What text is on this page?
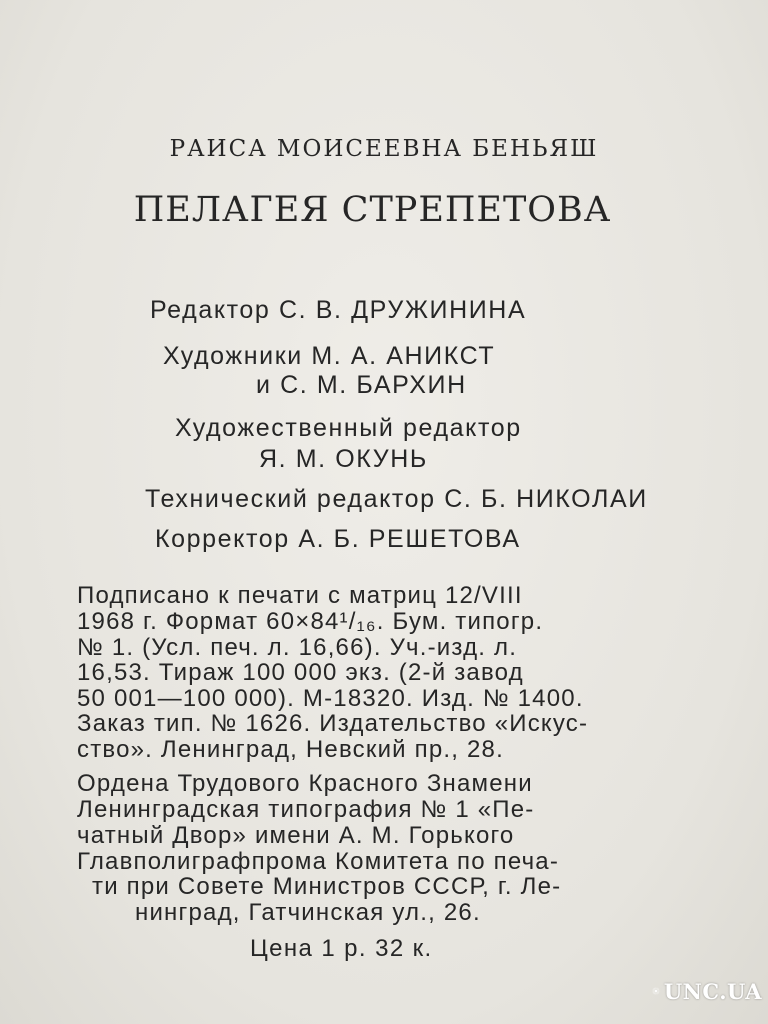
РАИСА МОИСЕЕВНА БЕНЬЯШ
ПЕЛАГЕЯ СТРЕПЕТОВА
Редактор С. В. ДРУЖИНИНА
Художники М. А. АНИКСТ
и С. М. БАРХИН
Художественный редактор
Я. М. ОКУНЬ
Технический редактор С. Б. НИКОЛАИ
Корректор А. Б. РЕШЕТОВА
Подписано к печати с матриц 12/VIII
1968 г. Формат 60×84¹/₁₆. Бум. типогр.
№ 1. (Усл. печ. л. 16,66). Уч.-изд. л.
16,53. Тираж 100 000 экз. (2-й завод
50 001—100 000). М-18320. Изд. № 1400.
Заказ тип. № 1626. Издательство «Искус-
ство». Ленинград, Невский пр., 28.
Ордена Трудового Красного Знамени
Ленинградская типография № 1 «Пе-
чатный Двор» имени А. М. Горького
Главполиграфпрома Комитета по печа-
ти при Совете Министров СССР, г. Ле-
нинград, Гатчинская ул., 26.
Цена 1 р. 32 к.
UNC.UA
